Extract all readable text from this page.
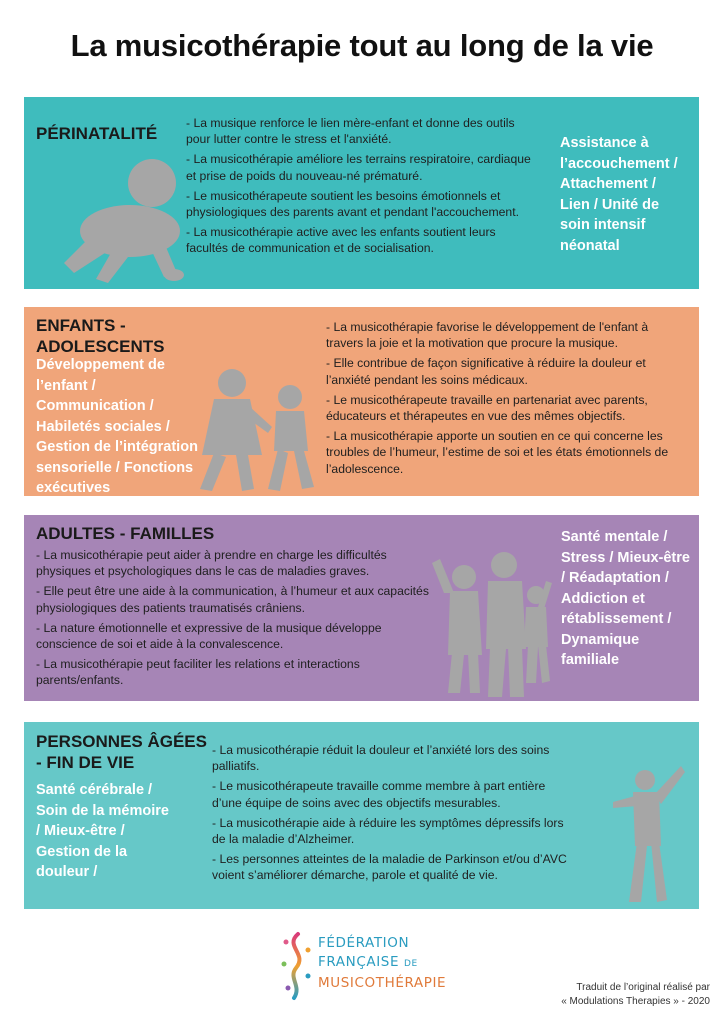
La musicothérapie tout au long de la vie
PÉRINATALITÉ

- La musique renforce le lien mère-enfant et donne des outils pour lutter contre le stress et l'anxiété.

- La musicothérapie améliore les terrains respiratoire, cardiaque et prise de poids du nouveau-né prématuré.

- Le musicothérapeute soutient les besoins émotionnels et physiologiques des parents avant et pendant l'accouchement.

- La musicothérapie active avec les enfants soutient leurs facultés de communication et de socialisation.

Assistance à l’accouchement / Attachement / Lien / Unité de soin intensif néonatal
ENFANTS - ADOLESCENTS
Développement de l’enfant / Communication / Habiletés sociales / Gestion de l’intégration sensorielle / Fonctions exécutives

- La musicothérapie favorise le développement de l'enfant à travers la joie et la motivation que procure la musique.

- Elle contribue de façon significative à réduire la douleur et l’anxiété pendant les soins médicaux.

- Le musicothérapeute travaille en partenariat avec parents, éducateurs et thérapeutes en vue des mêmes objectifs.

- La musicothérapie apporte un soutien en ce qui concerne les troubles de l’humeur, l’estime de soi et les états émotionnels de l’adolescence.

ADULTES - FAMILLES

- La musicothérapie peut aider à prendre en charge les difficultés physiques et psychologiques dans le cas de maladies graves.

- Elle peut être une aide à la communication, à l’humeur et aux capacités physiologiques des patients traumatisés crâniens.

- La nature émotionnelle et expressive de la musique développe conscience de soi et aide à la convalescence.

- La musicothérapie peut faciliter les relations et interactions parents/enfants.

Santé mentale / Stress / Mieux-être / Réadaptation / Addiction et rétablissement / Dynamique familiale
PERSONNES ÂGÉES - FIN DE VIE
Santé cérébrale / Soin de la mémoire / Mieux-être / Gestion de la douleur /

- La musicothérapie réduit la douleur et l’anxiété lors des soins palliatifs.

- Le musicothérapeute travaille comme membre à part entière d’une équipe de soins avec des objectifs mesurables.

- La musicothérapie aide à réduire les symptômes dépressifs lors de la maladie d’Alzheimer.

- Les personnes atteintes de la maladie de Parkinson et/ou d’AVC voient s’améliorer démarche, parole et qualité de vie.

FÉDÉRATION
FRANÇAISE DE
MUSICOTHÉRAPIE	Traduit de l’original réalisé par
« Modulations Therapies » - 2020
